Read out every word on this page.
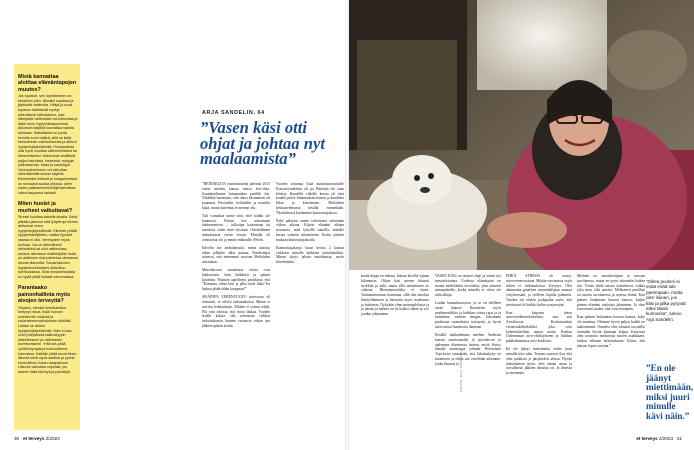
Mistä kannattaa aloittaa elämäntapojen muutos?
Jos tupakoit, sen lopettaminen on keskeisin juttu. Nikotiini supistaa ja jäykistää valtimoita. Hälyä ja ruuat tupakan sisältämät myrkyt aiheuttavat tulehduksen, joka kiihdyttää valtimoiden kovettumista ja lisää veren hyytymistaipumusta. Alkoholin käyttöä kannattaa harkita tarkkaan. Haitallisinta on juoda kerralla suuri määrä, sillä se lisää eteisvärinän mahdollisuutta ja aktivoi hyytymisjärjestelmää. Ruokavaliota olisi hyvä muuttaa välimerelliseksi tai itämerelliseksi. Molemmat sisältävät paljon kasviksia, hedelmiä, marjoja, palkokasveja, kalaa ja kasviöljyä. Verenpaineeseen voi vaikuttaa vähentämällä suolan käyttöä. Esimerkiksi leivissä ja margariineissa on runsaasti suolaa piilossa, joten niiden pakkausmerkintöjä kannattaa lukea kaupassa tarkasti.
Miten huolet ja murheet vaikuttavat?
Stressi kuluttaa kaikella tavalla. Sekä pitkään jatkunut että lyhytempi stressi aktivoivat veren hyytymisjärjestelmää. Elimistö yrittää hyytymistekijöiden, valkka fyysistä vaaraa ei olisi. Verenpaine myös kohoaa. Jos on aktivoitunut eteisvärinä tai ollut valtimoissa sairaus olemassa riskitekijöihin lisää, on aktiivinen riski pahentaa olemassa olevaa tilannetta. Samanlaisinen hyytymismekanismi aktivoituu tulehduksissa. Siksi ienstulehduksia on syytä pitää tiukasti valvonnassa.
Parantaako painonhallinta myös aivojen terveyttä?
Ylipaino, etenkin keskivartalon kertynyt rasva, lisää huonon kolesterolin määrää ja sokeriaineenvaihdunnan häiriöitä. Lisäksi se aktivoi hyytymisjärjestelmää. Näin ei saa ovat yhteydessä kakkostyypin diabetekseen ja valtimoiden kovettumiseen. Yritä siis pitää vyötärönympärys kohtuullisena lukemissa. Kaikkiin pitää terveellinen liikunta sekä myös asettaa ja pyrkiä kohtuullisen tiukan tasapainoon. Liikunta vaikuttaa nopeasti, jos arkeen lisää kävelyä ja pyöräilyä.
ARJA SANDELIN, 64
”Vasen käsi otti ohjat ja johtaa nyt maalaamista”

”HEINÄKUUN ensimmäisenä päivänä 2015 vietin miehen kanssa rentoa koti-iltaa. Suunnittelimme lomamatkaa puolille öin. Yhtäkkiä huomasin, että oikea käsimmeni oli puutunut. Ravistelin, heiluttelin ja nostelin kättä, mutta tuntemus ei mennyt ohi.

Tuli voimakas tunne siitä, ettei kaikki ole kunnossa. Pääsin itse soittamaan hätänumeroon – tulkoitpa katsomaan tai sanokoot sitten mitä hyvänsä. Odottelimme ambulanssia vartin verran. Minulla oli onnistunut olo ja menin makuulle. Pelotti.

Kävelin itse ambulanssiin, mutta autossa oikea jalkakin alkoi puutua. Ensihoitajat toteavat, että menemme suoraan Meilahden sairaalaan.

Muistikuvani sairaalassa olosta ovat katkonaisia. Sain lääkkeitä ja pääsin kuvattiin. Muistan ajatelleeni paniikissa, että ”Kamalaa, oikea käsi ja jalka eivät liiku! En haluaa jäädä tähän kroppaan!”

SISÄINEN VERENVUOTO aivoissani oli runsaasti, se selvisi tutkimuksissa. Minun ei tarvittu leikkauksiin. Mitään ei voinut tehdä. Piti vain odottaa, että vuoto lakkaa. Vuoden sisälle kaksin olin seitsemän viikkoa tarkoituksesta, kunnes vastaavat viikon sen jälkeen pääsin kotiin.

Vuoden seuranta lisää kuntoutusosastolle Kuusiseyrnaliiton oli pä Puhelujä ole vaan kiitetty. Kuudelle viikolle kertaa oli vain kuudes päivä Juhannuksen kanssa ja kuudeksi liikut ja kiertämäan. Meilahden keskustelemassa kesällä, minnekään. Yksittäisessä kuulemma kuntoutusjaksoa.

Puhe palautui ennen tarkoitusta seitsemän viikon aikana. Käytin elämäni aikana seuraavia, mitä lyhyillä sanoilla, minulle kertaa valmiin riittämiseen. Kotiin päästin mukaan kuntoutusjaksolla.

Kuntoutusjaksoja kuusi kertaa 2 kanssa viikkoon minulle kaikkine lainsääntöihin. Minun täytyi jaksaa maailmasta, myös kävelemään.

30 et terveys 2/2023

mutta keppi on tukena. Jaksan kävellä vajaan kilometrin. Oikea käsi menee hitaasti nyrkkiin ja auki, mutta sillä tarttuminen on vaikeaa. Hienomotoriikka ei toimi. Tuntumattomuus harmittaa, sillä olin innokas käsityöihminen ja harrastin myös maalausta ja kudontaa. Nykyään yhen monopalvlassa ja ja jaksan ja kaiken on ok lisäksi vähän ja vyö joudun jakaamaan.

VASEN KÄSI on ottanut ohjat ja toimii nyt mestariviotuna. Uudessa elämässäni on monia mielekkäitä tavoitteita, joita aattavat anempäinelle, koska minulla ei sitten ole niitä alkuja.

Laulan kamarikuorossa, ja se on edelleen aivan ihanaa! Kuuntelen myös mielemusiikkia ja kaihdan soitua rajat ja ja laulamme, vanhan hengen. Jaksamme puolustaa suomalaista sivistystä, ja hyvät asiat saavat huomioita ihaniaan.

Kesällä matkailemme miehen Andersin kanssa asuntoautolla ja pyörälevon ja ajelemme tilanteessa tietäen, mistä löytyy hänelle onnistuvaa ryhmää. Perheenme Topi-koira ymmärtää, että liikuntakyky on huomioitu ja oikea saa viereltään aikamme, jonka ilmassa ja.

EHKÄ STRESSI oli osasyy aivovereenvuotoon. Mitään varsinaista syytä siihen ei tutkimuksissa löytynyt. Olin alanmuina graafisen suunnittelijana omassa yrityksessäni, ja työlleen lopulta palmettu. Vuoden nyt töiden joulupaika myös, että aivoissani oli heikko kohta syntyessäni.

Kun kaipasin tietoa aivoverenkiertohäiriöistä, sain sitä Aivoliitosta. Kouluttauduin vertaistukihenkilöksi, joka voin kokemuksellani auttaa muita. Kuulun Uudenmaan aivo-yhdistykseen ja ilahdun paikkakunnassa aivo-korkossa.

En ole jäänyt miettimään, miksi juuri minulle kävi näin. Tunnen suuresti iloa, että olen paikkani ja pärjäävästi alussa. Hyvän silmäalueeni myös olen tämän asian ja turvallisesti jälkeen ilmaista on. Ja ilmessä ja enemmän.

Mieheni on omaishoitajani ja avustaa tarvittaessa, mutta en pyrin tekemään kaiken itse. Yritän tehdä asioita itsenäisesti, vaikka joku muu olisi autettu. Melkoinen puolikas on asioita tavoittaessa ja arjessa elämä. Kun pääsen laulamaan kuoron kanssa, kuljen pienen elämäni tuskaista jäämiseen. Ja olen kuorossani tuulen, tätä voin eteenpäin.

Kun pääsen laulamaan kuoron kanssa, koko olo muuttuu. Olemme hyvin paljon kaikki ne taaksenmme. Onneksi olen tottunut tavoitella etsimään hyvää kauttaan kilpaa. Kuorossa olen tavannut merkitystä suuren asiakkaani, kaiken oikeaan tarkoitukseen. Kiitos, että jaksan, loput vuosina.”

”Oikea puoleni ei enää enää tule parempaan, mutta olen iloinen, jos käsi ja jalka pysyvät edes tässä kunnossa”, sanoo Arja Sandelin.

”En ole jäänyt miettimään, miksi juuri minulle kävi näin.”

KUVAT PIA ARNOULD
et terveys 2/2023 31
